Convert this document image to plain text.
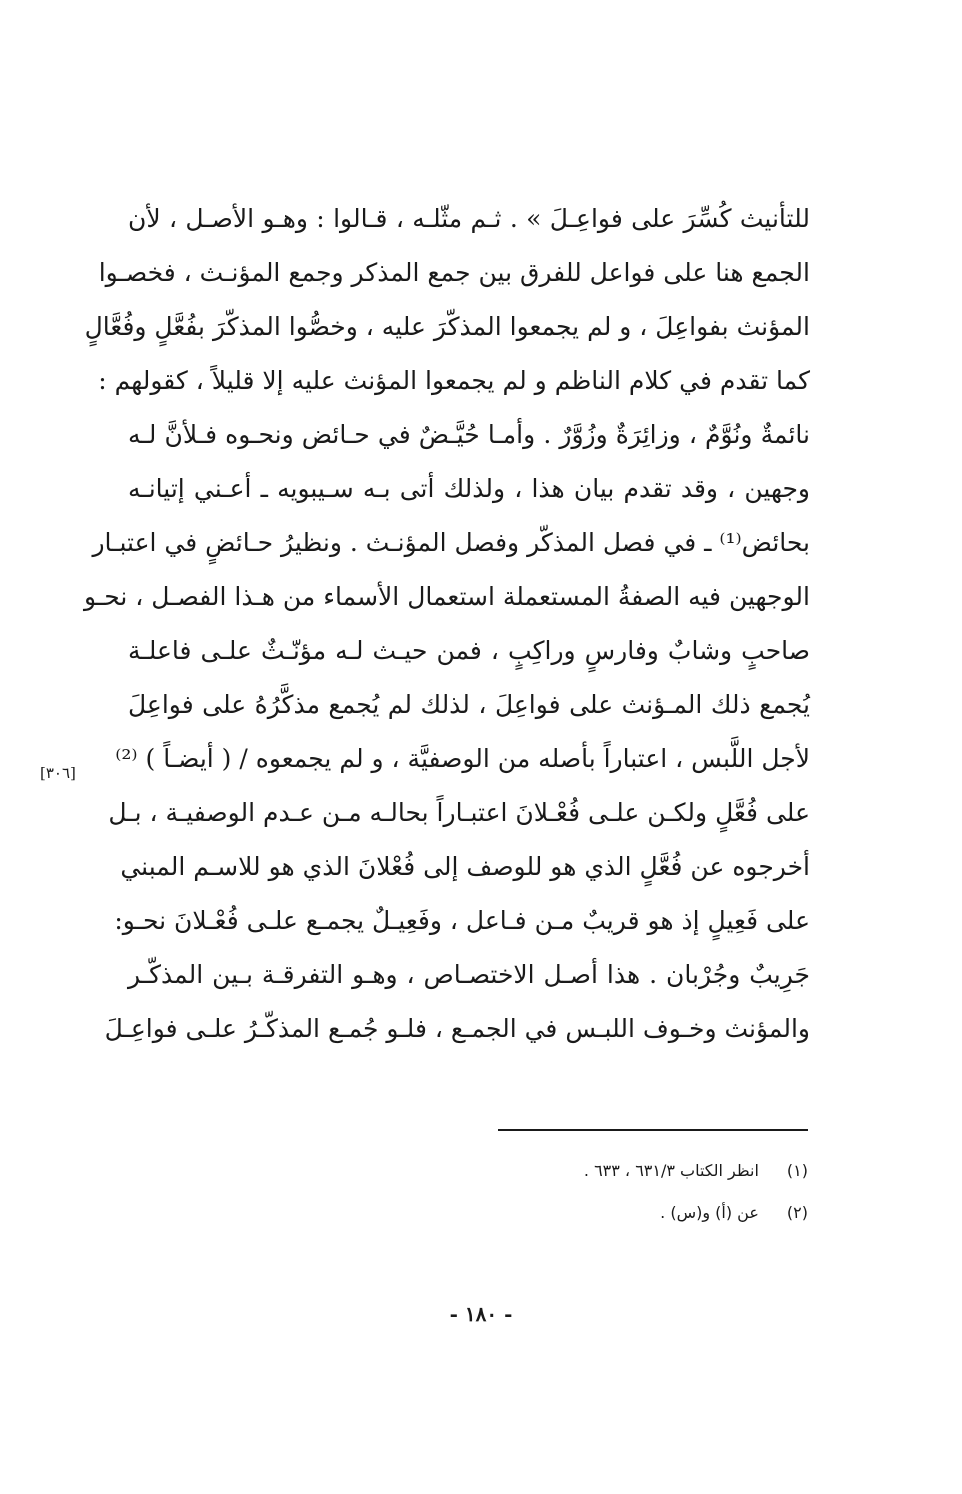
للتأنيث كُسِّرَ على فواعِـلَ » . ثـم مثّلـه ، قـالوا : وهـو الأصـل ، لأن
الجمع هنا على فواعل للفرق بين جمع المذكر وجمع المؤنـث ، فخصـوا
المؤنث بفواعِلَ ، و لم يجمعوا المذكّرَ عليه ، وخصُّوا المذكّرَ بفُعَّلٍ وفُعَّالٍ
كما تقدم في كلام الناظم و لم يجمعوا المؤنث عليه إلا قليلاً ، كقولهم :
نائمةٌ ونُوَّمٌ ، وزائِرَةٌ وزُوَّرٌ . وأمـا حُيَّـضٌ في حـائض ونحـوه فـلأنَّ لـه
وجهين ، وقد تقدم بيان هذا ، ولذلك أتى بـه سـيبويه ـ أعـني إتيانـه
بحائض⁽¹⁾ ـ في فصل المذكّر وفصل المؤنـث . ونظيرُ حـائضٍ في اعتبـار
الوجهين فيه الصفةُ المستعملة استعمال الأسماء من هـذا الفصـل ، نحـو
صاحبٍ وشابٌ وفارسٍ وراكِبٍ ، فمن حيـث لـه مؤنّـثٌ علـى فاعلـة
يُجمع ذلك المـؤنث على فواعِلَ ، لذلك لم يُجمع مذكَّرُهُ على فواعِلَ
لأجل اللَّبس ، اعتباراً بأصله من الوصفيَّة ، و لم يجمعوه / ( أيضـاً ) ⁽²⁾
على فُعَّلٍ ولكـن علـى فُعْـلانَ اعتبـاراً بحالـه مـن عـدم الوصفيـة ، بـل
أخرجوه عن فُعَّلٍ الذي هو للوصف إلى فُعْلانَ الذي هو للاسـم المبني
على فَعِيلٍ إذ هو قريبٌ مـن فـاعل ، وفَعِيـلٌ يجمـع علـى فُعْـلانَ نحـو:
جَرِيبٌ وجُرْبان . هذا أصـل الاختصـاص ، وهـو التفرقـة بـين المذكّـر
والمؤنث وخـوف اللبـس في الجمـع ، فلـو جُمـع المذكّـرُ علـى فواعِـلَ
[٣٠٦]
(١) انظر الكتاب ٦٣١/٣ ، ٦٣٣ .
(٢) عن (أ) و(س) .
- ١٨٠ -
